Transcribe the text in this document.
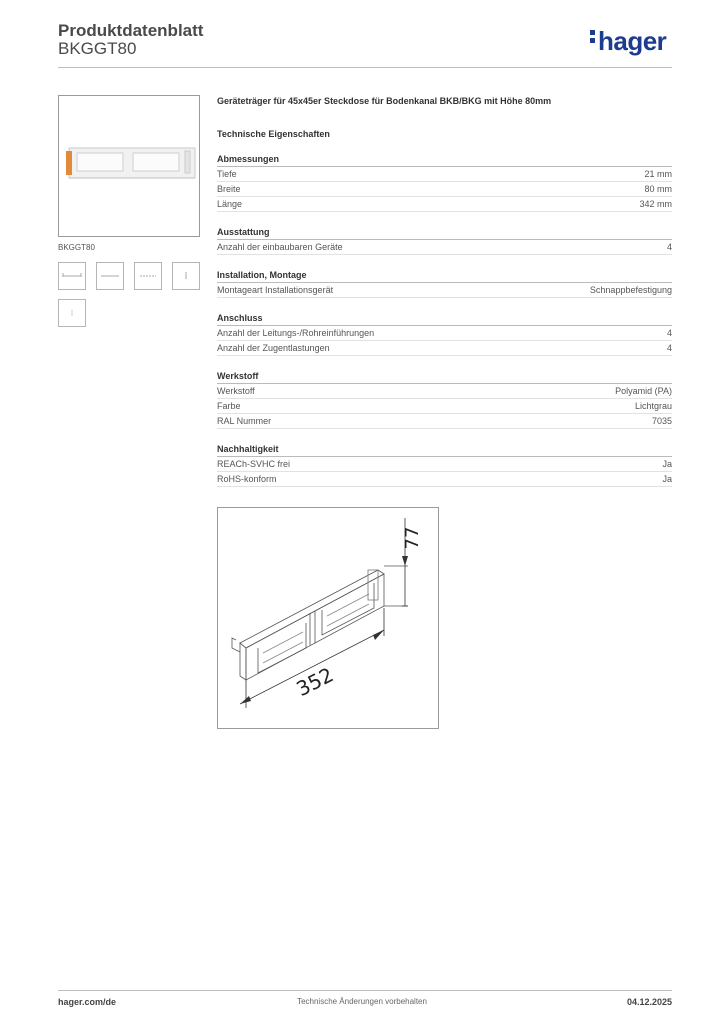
Produktdatenblatt
BKGGT80	hager
BKGGT80
Geräteträger für 45x45er Steckdose für Bodenkanal BKB/BKG mit Höhe 80mm
Technische Eigenschaften
Abmessungen
Tiefe	21 mm
Breite	80 mm
Länge	342 mm
Ausstattung
Anzahl der einbaubaren Geräte	4
Installation, Montage
Montageart Installationsgerät	Schnappbefestigung
Anschluss
Anzahl der Leitungs-/Rohreinführungen	4
Anzahl der Zugentlastungen	4
Werkstoff
Werkstoff	Polyamid (PA)
Farbe	Lichtgrau
RAL Nummer	7035
Nachhaltigkeit
REACh-SVHC frei	Ja
RoHS-konform	Ja
77
352
hager.com/de	Technische Änderungen vorbehalten	04.12.2025
